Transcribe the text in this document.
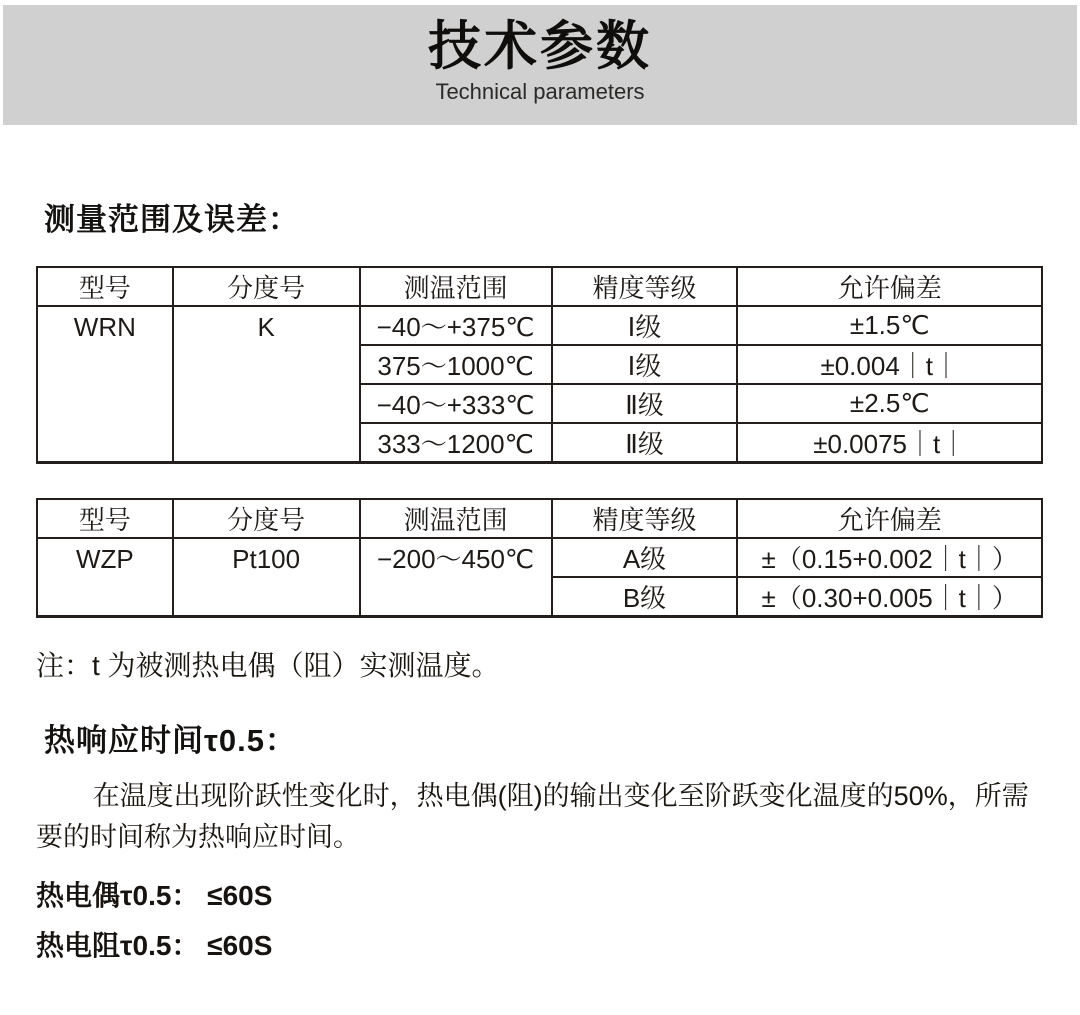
技术参数
Technical parameters
测量范围及误差：
型号	分度号	测温范围	精度等级	允许偏差

WRN	K	−40～+375℃	Ⅰ级	±1.5℃
		375～1000℃	Ⅰ级	±0.004｜t｜
		−40～+333℃	Ⅱ级	±2.5℃
		333～1200℃	Ⅱ级	±0.0075｜t｜
型号	分度号	测温范围	精度等级	允许偏差

WZP	Pt100	−200～450℃	A级	±（0.15+0.002｜t｜）
			B级	±（0.30+0.005｜t｜）

注：t 为被测热电偶（阻）实测温度。

热响应时间τ0.5：

在温度出现阶跃性变化时，热电偶(阻)的输出变化至阶跃变化温度的50%，所需要的时间称为热响应时间。

热电偶τ0.5： ≤60S

热电阻τ0.5： ≤60S
